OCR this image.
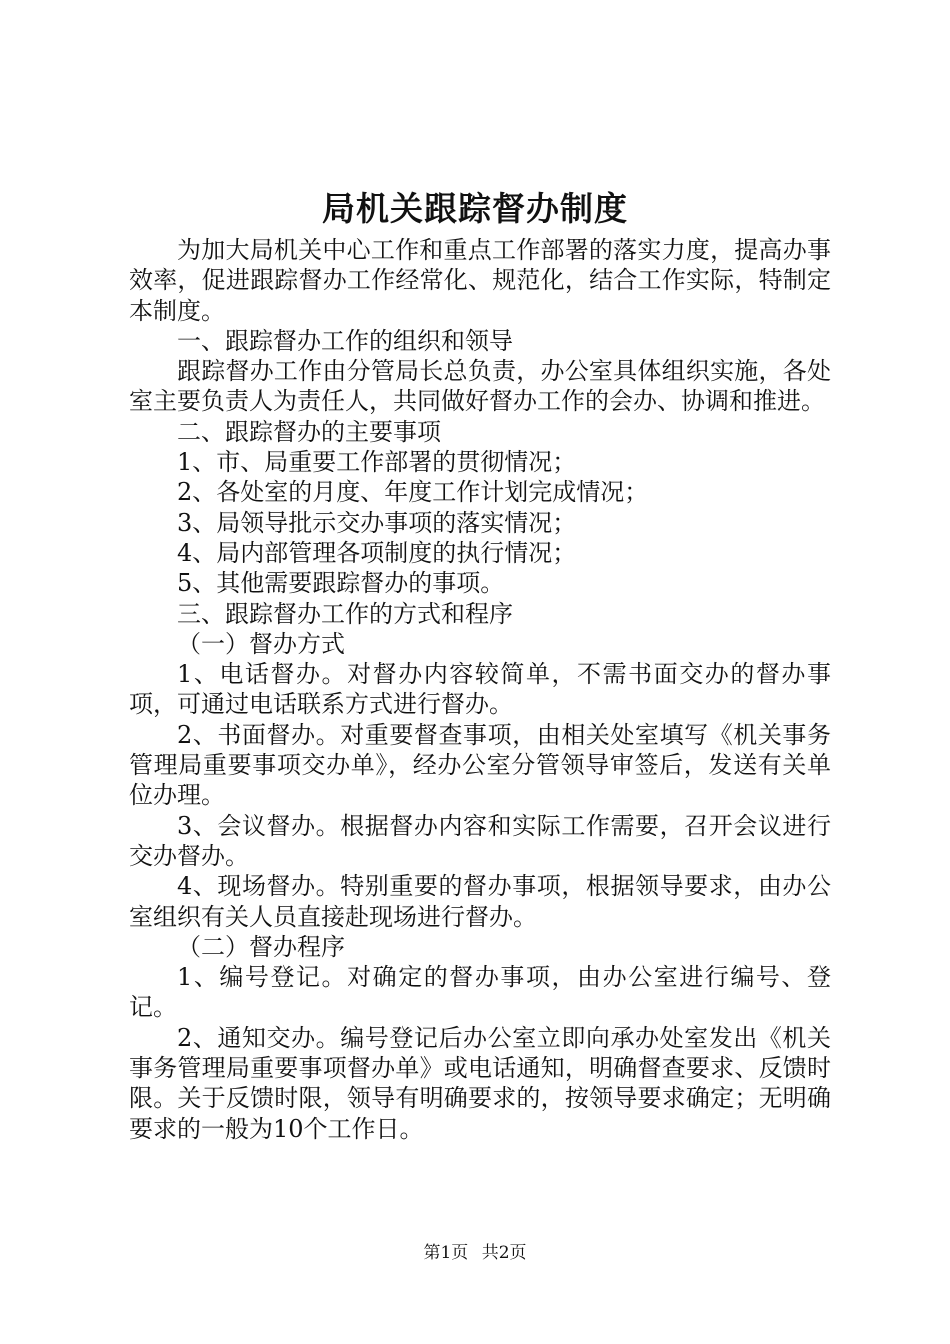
局机关跟踪督办制度

为加大局机关中心工作和重点工作部署的落实力度，提高办事效率，促进跟踪督办工作经常化、规范化，结合工作实际，特制定本制度。

一、跟踪督办工作的组织和领导

跟踪督办工作由分管局长总负责，办公室具体组织实施，各处室主要负责人为责任人，共同做好督办工作的会办、协调和推进。

二、跟踪督办的主要事项

1、市、局重要工作部署的贯彻情况；

2、各处室的月度、年度工作计划完成情况；

3、局领导批示交办事项的落实情况；

4、局内部管理各项制度的执行情况；

5、其他需要跟踪督办的事项。

三、跟踪督办工作的方式和程序

（一）督办方式

1、电话督办。对督办内容较简单，不需书面交办的督办事项，可通过电话联系方式进行督办。

2、书面督办。对重要督查事项，由相关处室填写《机关事务管理局重要事项交办单》，经办公室分管领导审签后，发送有关单位办理。

3、会议督办。根据督办内容和实际工作需要，召开会议进行交办督办。

4、现场督办。特别重要的督办事项，根据领导要求，由办公室组织有关人员直接赴现场进行督办。

（二）督办程序

1、编号登记。对确定的督办事项，由办公室进行编号、登记。

2、通知交办。编号登记后办公室立即向承办处室发出《机关事务管理局重要事项督办单》或电话通知，明确督查要求、反馈时限。关于反馈时限，领导有明确要求的，按领导要求确定；无明确要求的一般为10个工作日。

第1页 共2页
